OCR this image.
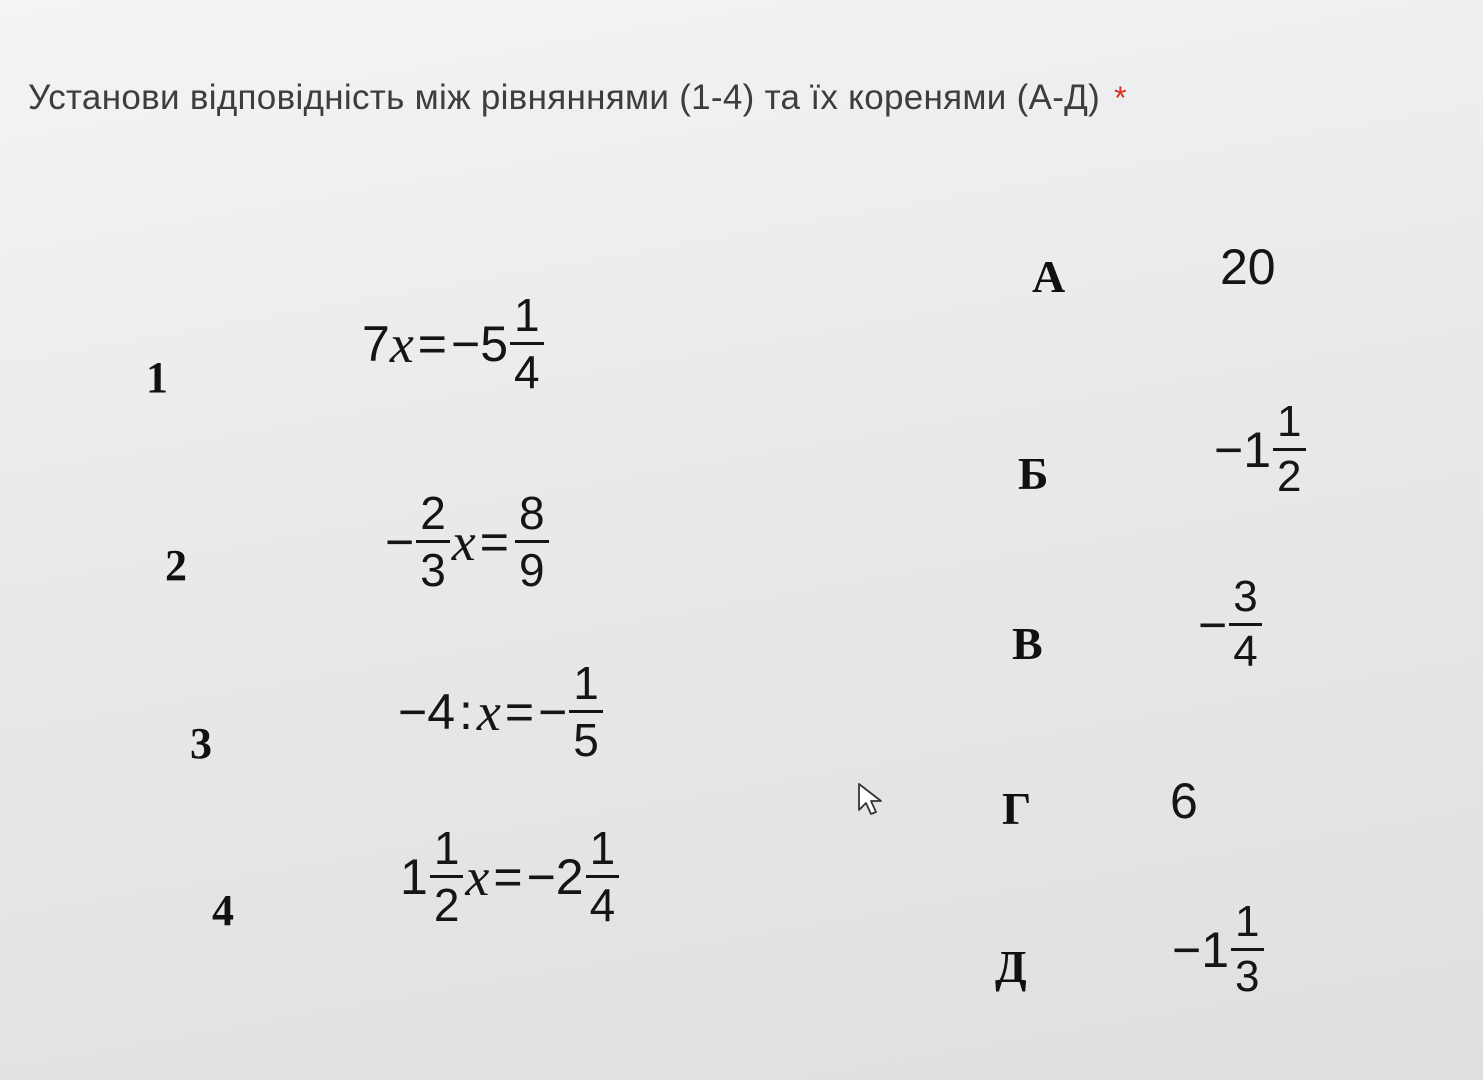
Установи відповідність між рівняннями (1-4) та їх коренями (А-Д) *
1
2
3
4
7 x = − $5 \frac{1}{4}$
− $\frac{2}{3}$ $x = \frac{8}{9}$
−4 : x = − $\frac{1}{5}$
$1 \frac{1}{2}$ x = − $2 \frac{1}{4}$
А
Б
В
Г
Д
20
− $1 \frac{1}{2}$
− $\frac{3}{4}$
6
− $1 \frac{1}{3}$
